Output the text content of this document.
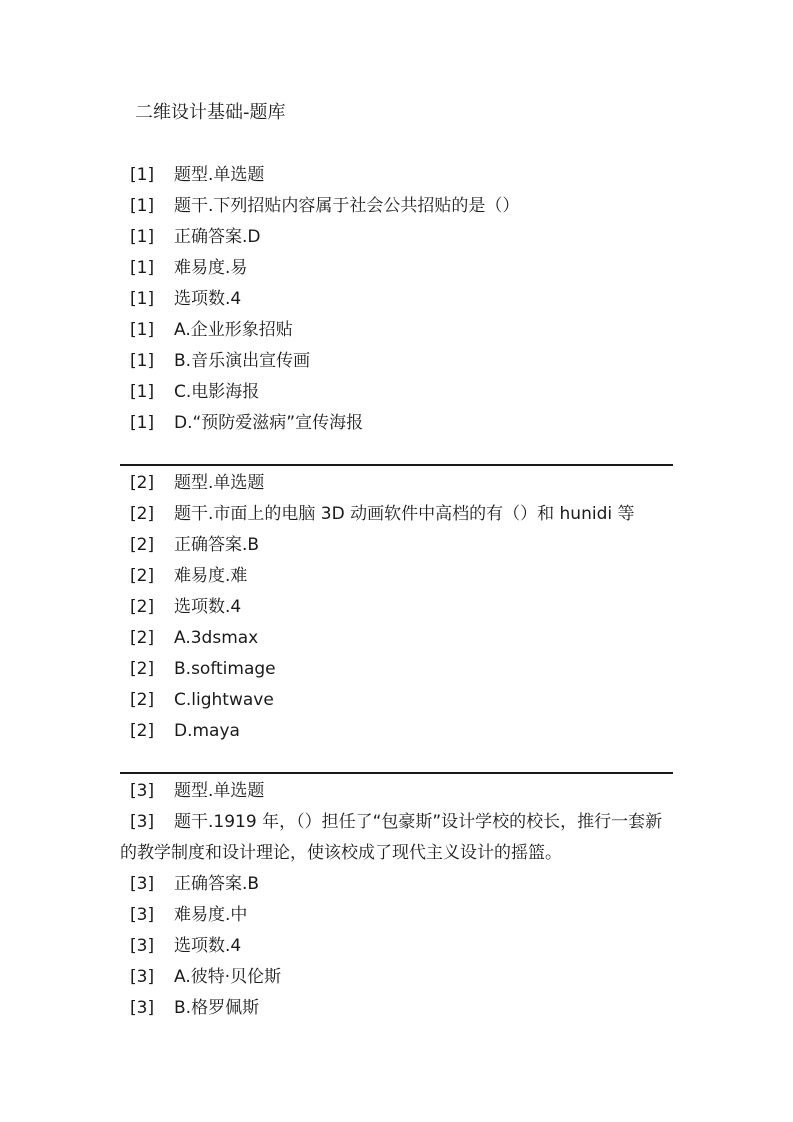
二维设计基础-题库
[1] 题型.单选题
[1] 题干.下列招贴内容属于社会公共招贴的是（）
[1] 正确答案.D
[1] 难易度.易
[1] 选项数.4
[1] A.企业形象招贴
[1] B.音乐演出宣传画
[1] C.电影海报
[1] D.“预防爱滋病”宣传海报
[2] 题型.单选题
[2] 题干.市面上的电脑 3D 动画软件中高档的有（）和 hunidi 等
[2] 正确答案.B
[2] 难易度.难
[2] 选项数.4
[2] A.3dsmax
[2] B.softimage
[2] C.lightwave
[2] D.maya
[3] 题型.单选题
[3]	题干.1919 年，（）担任了“包豪斯”设计学校的校长，推行一套新的教学制度和设计理论，使该校成了现代主义设计的摇篮。
[3] 正确答案.B
[3] 难易度.中
[3] 选项数.4
[3] A.彼特·贝伦斯
[3] B.格罗佩斯
